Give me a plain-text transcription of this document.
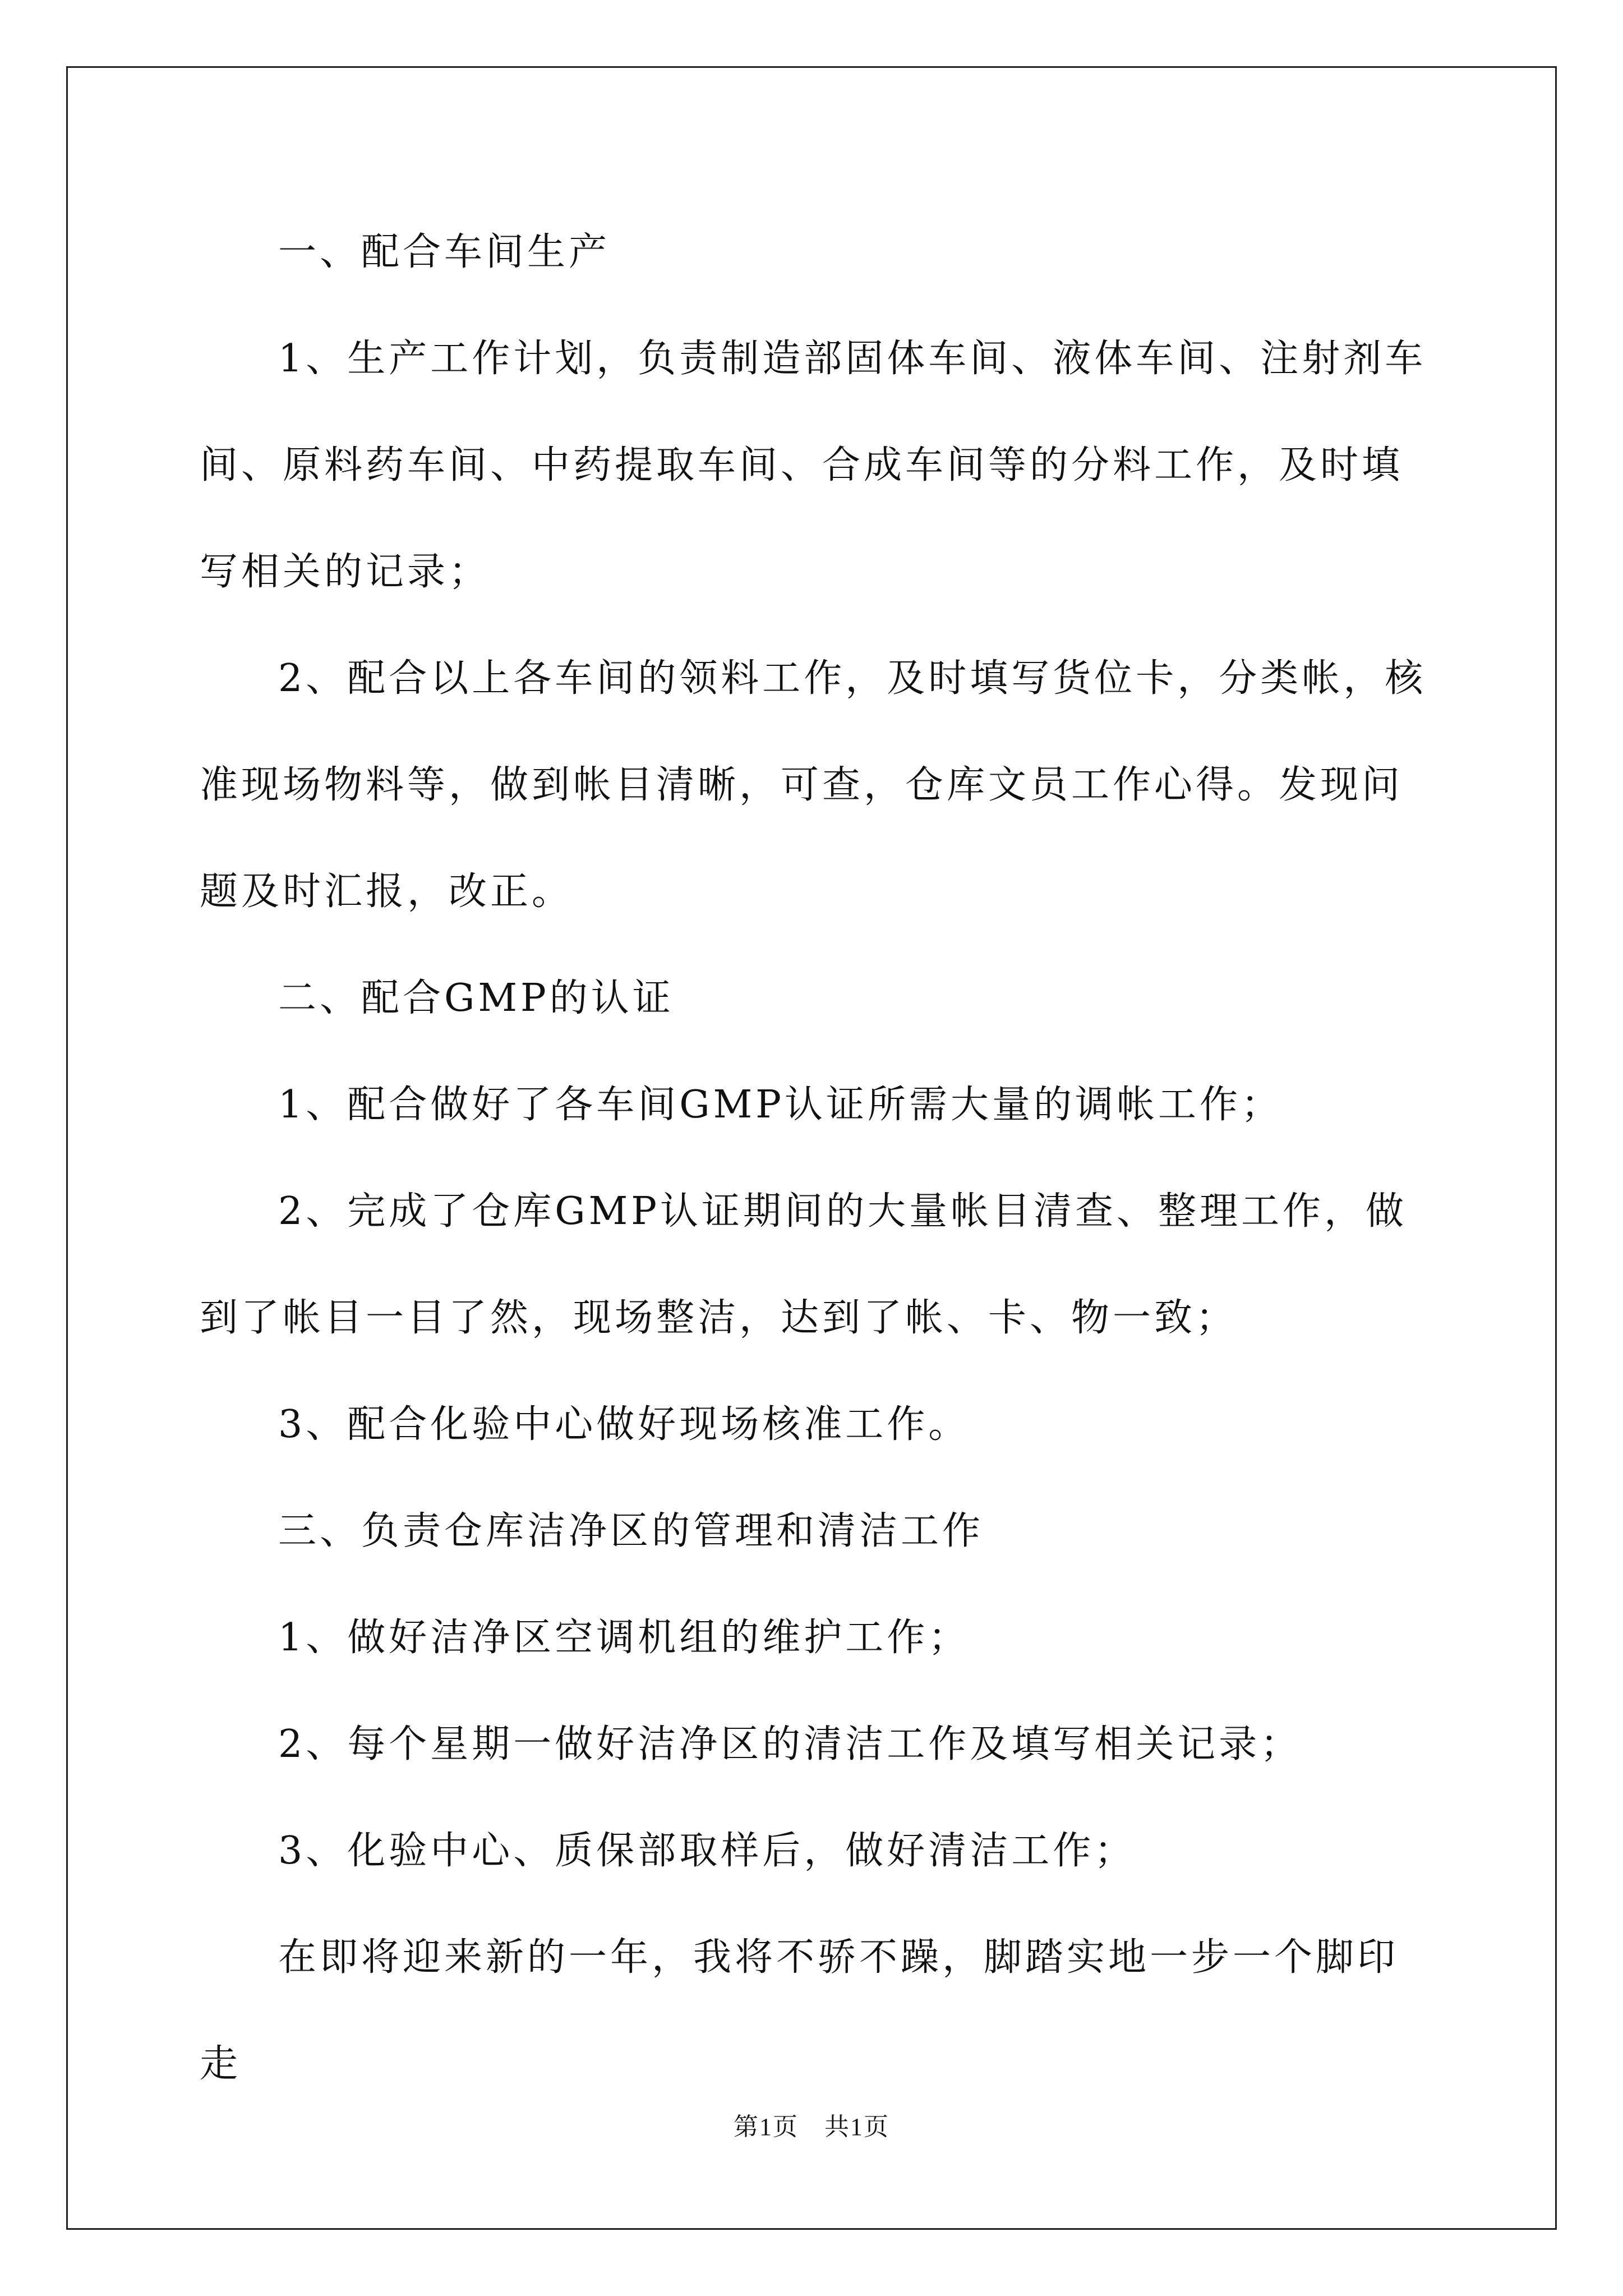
一、配合车间生产

1、生产工作计划，负责制造部固体车间、液体车间、注射剂车间、原料药车间、中药提取车间、合成车间等的分料工作，及时填写相关的记录；

2、配合以上各车间的领料工作，及时填写货位卡，分类帐，核准现场物料等，做到帐目清晰，可查，仓库文员工作心得。发现问题及时汇报，改正。

二、配合GMP的认证

1、配合做好了各车间GMP认证所需大量的调帐工作；

2、完成了仓库GMP认证期间的大量帐目清查、整理工作，做到了帐目一目了然，现场整洁，达到了帐、卡、物一致；

3、配合化验中心做好现场核准工作。

三、负责仓库洁净区的管理和清洁工作

1、做好洁净区空调机组的维护工作；

2、每个星期一做好洁净区的清洁工作及填写相关记录；

3、化验中心、质保部取样后，做好清洁工作；

在即将迎来新的一年，我将不骄不躁，脚踏实地一步一个脚印走

第1页　共1页
